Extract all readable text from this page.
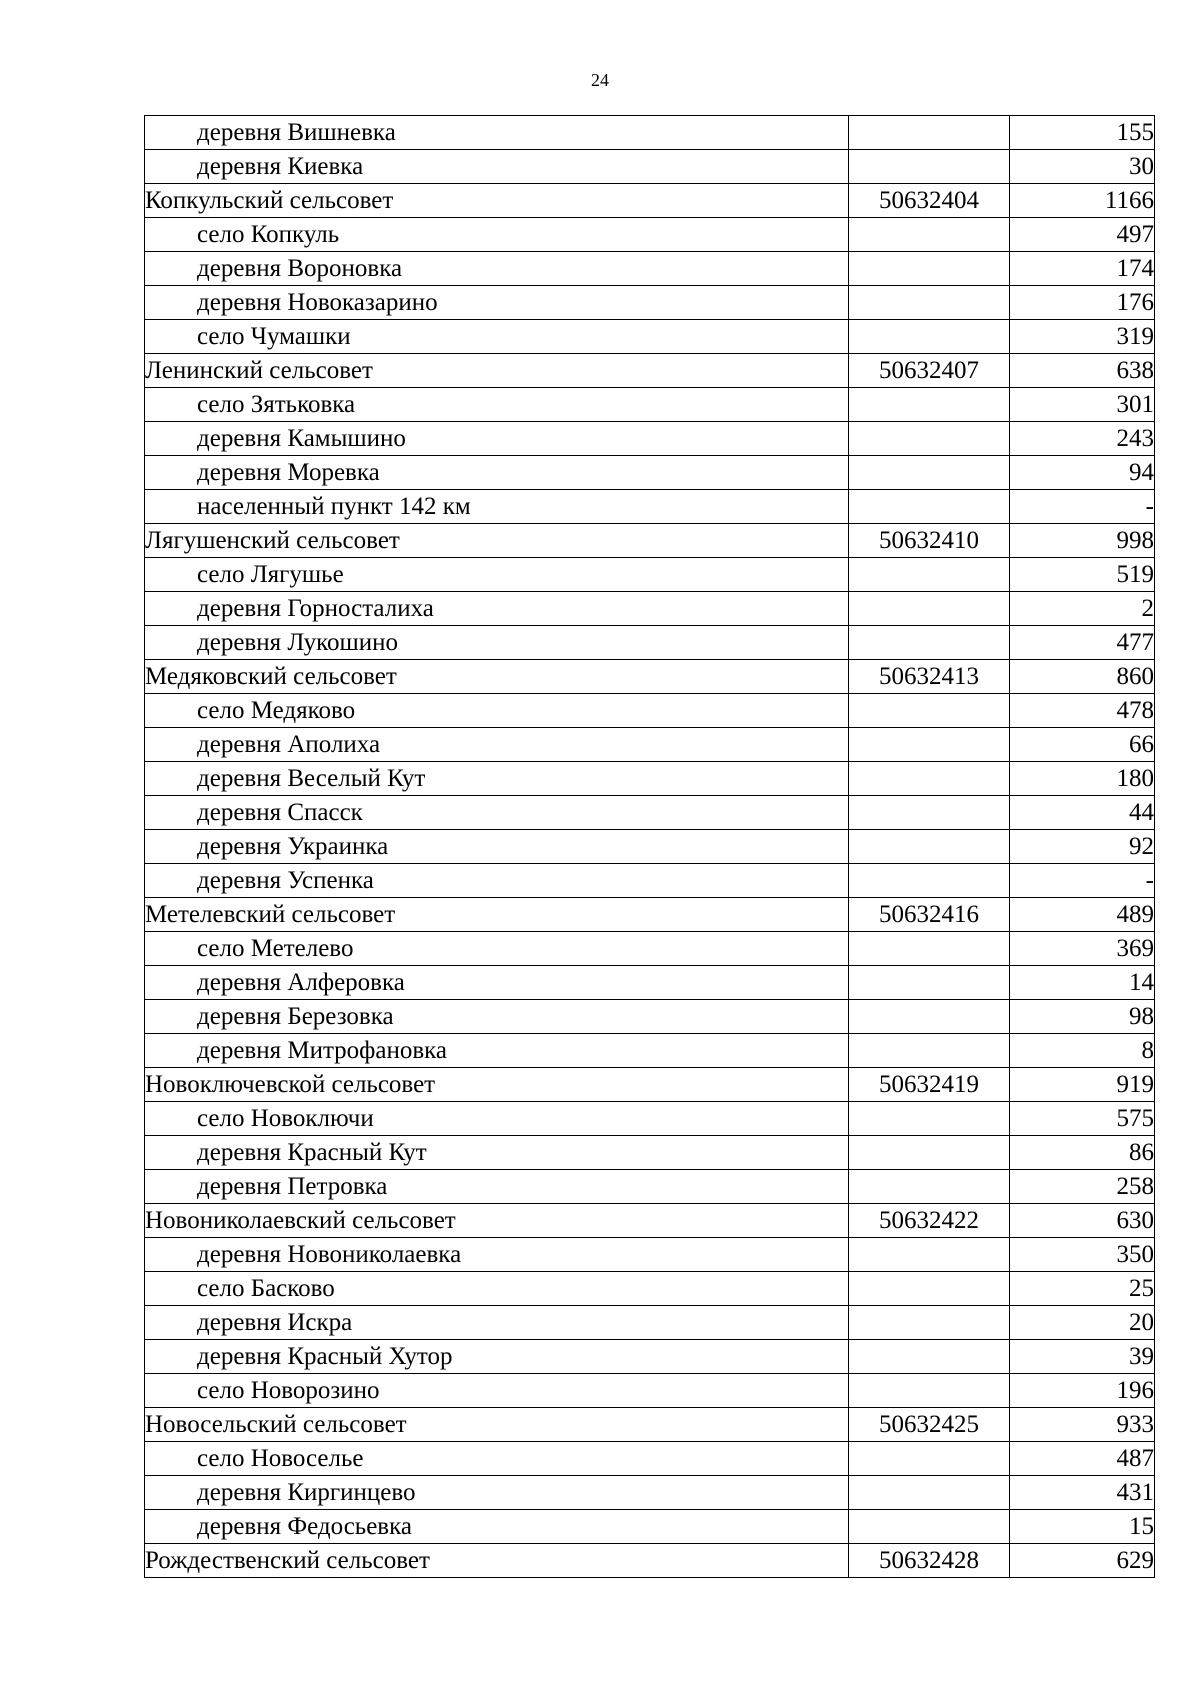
24
деревня Вишневка		155
деревня Киевка		30
Копкульский сельсовет	50632404	1166
село Копкуль		497
деревня Вороновка		174
деревня Новоказарино		176
село Чумашки		319
Ленинский сельсовет	50632407	638
село Зятьковка		301
деревня Камышино		243
деревня Моревка		94
населенный пункт 142 км		-
Лягушенский сельсовет	50632410	998
село Лягушье		519
деревня Горносталиха		2
деревня Лукошино		477
Медяковский сельсовет	50632413	860
село Медяково		478
деревня Аполиха		66
деревня Веселый Кут		180
деревня Спасск		44
деревня Украинка		92
деревня Успенка		-
Метелевский сельсовет	50632416	489
село Метелево		369
деревня Алферовка		14
деревня Березовка		98
деревня Митрофановка		8
Новоключевской сельсовет	50632419	919
село Новоключи		575
деревня Красный Кут		86
деревня Петровка		258
Новониколаевский сельсовет	50632422	630
деревня Новониколаевка		350
село Басково		25
деревня Искра		20
деревня Красный Хутор		39
село Новорозино		196
Новосельский сельсовет	50632425	933
село Новоселье		487
деревня Киргинцево		431
деревня Федосьевка		15
Рождественский сельсовет	50632428	629
